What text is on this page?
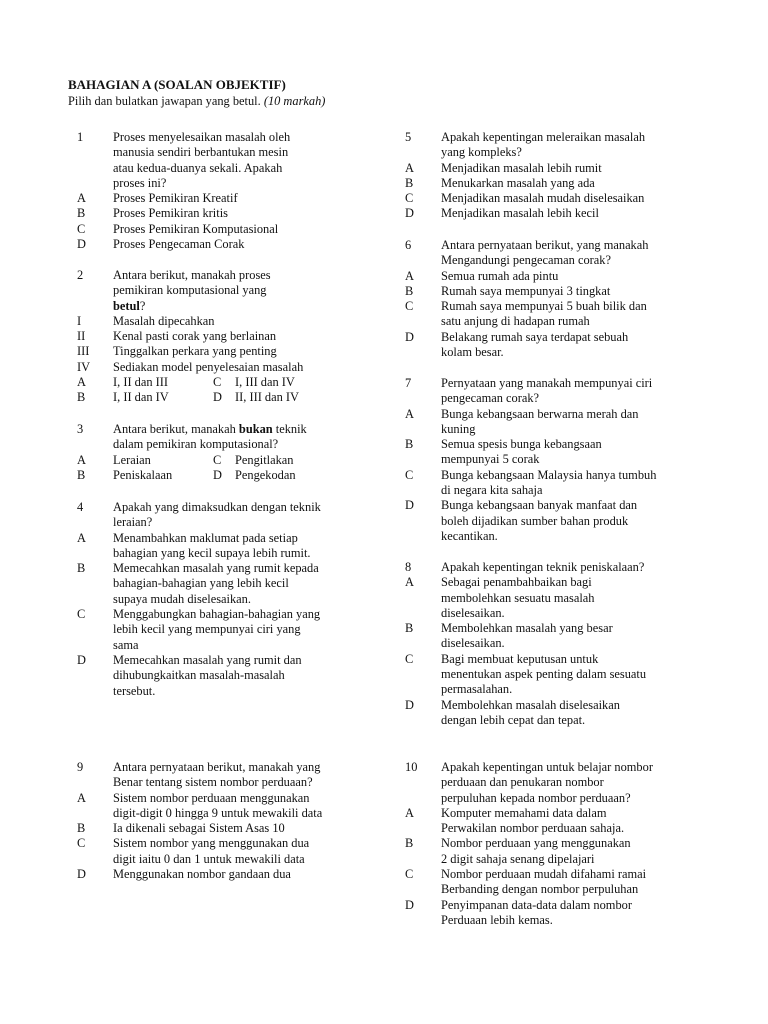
BAHAGIAN A (SOALAN OBJEKTIF)
Pilih dan bulatkan jawapan yang betul. (10 markah)
1	Proses menyelesaikan masalah oleh
manusia sendiri berbantukan mesin
atau kedua-duanya sekali. Apakah
proses ini?
A	Proses Pemikiran Kreatif
B	Proses Pemikiran kritis
C	Proses Pemikiran Komputasional
D	Proses Pengecaman Corak
2	Antara berikut, manakah proses
pemikiran komputasional yang
betul?
I	Masalah dipecahkan
II	Kenal pasti corak yang berlainan
III	Tinggalkan perkara yang penting
IV	Sediakan model penyelesaian masalah
A	I, II dan III	C	I, III dan IV
B	I, II dan IV	D	II, III dan IV
3	Antara berikut, manakah bukan teknik
dalam pemikiran komputasional?
A	Leraian	C	Pengitlakan
B	Peniskalaan	D	Pengekodan
4	Apakah yang dimaksudkan dengan teknik
leraian?
A	Menambahkan maklumat pada setiap
bahagian yang kecil supaya lebih rumit.
B	Memecahkan masalah yang rumit kepada
bahagian-bahagian yang lebih kecil
supaya mudah diselesaikan.
C	Menggabungkan bahagian-bahagian yang
lebih kecil yang mempunyai ciri yang
sama
D	Memecahkan masalah yang rumit dan
dihubungkaitkan masalah-masalah
tersebut.
9	Antara pernyataan berikut, manakah yang
Benar tentang sistem nombor perduaan?
A	Sistem nombor perduaan menggunakan
digit-digit 0 hingga 9 untuk mewakili data
B	Ia dikenali sebagai Sistem Asas 10
C	Sistem nombor yang menggunakan dua
digit iaitu 0 dan 1 untuk mewakili data
D	Menggunakan nombor gandaan dua
5	Apakah kepentingan meleraikan masalah
yang kompleks?
A	Menjadikan masalah lebih rumit
B	Menukarkan masalah yang ada
C	Menjadikan masalah mudah diselesaikan
D	Menjadikan masalah lebih kecil
6	Antara pernyataan berikut, yang manakah
Mengandungi pengecaman corak?
A	Semua rumah ada pintu
B	Rumah saya mempunyai 3 tingkat
C	Rumah saya mempunyai 5 buah bilik dan
satu anjung di hadapan rumah
D	Belakang rumah saya terdapat sebuah
kolam besar.
7	Pernyataan yang manakah mempunyai ciri
pengecaman corak?
A	Bunga kebangsaan berwarna merah dan
kuning
B	Semua spesis bunga kebangsaan
mempunyai 5 corak
C	Bunga kebangsaan Malaysia hanya tumbuh
di negara kita sahaja
D	Bunga kebangsaan banyak manfaat dan
boleh dijadikan sumber bahan produk
kecantikan.
8	Apakah kepentingan teknik peniskalaan?
A	Sebagai penambahbaikan bagi
membolehkan sesuatu masalah
diselesaikan.
B	Membolehkan masalah yang besar
diselesaikan.
C	Bagi membuat keputusan untuk
menentukan aspek penting dalam sesuatu
permasalahan.
D	Membolehkan masalah diselesaikan
dengan lebih cepat dan tepat.
10	Apakah kepentingan untuk belajar nombor
perduaan dan penukaran nombor
perpuluhan kepada nombor perduaan?
A	Komputer memahami data dalam
Perwakilan nombor perduaan sahaja.
B	Nombor perduaan yang menggunakan
2 digit sahaja senang dipelajari
C	Nombor perduaan mudah difahami ramai
Berbanding dengan nombor perpuluhan
D	Penyimpanan data-data dalam nombor
Perduaan lebih kemas.
